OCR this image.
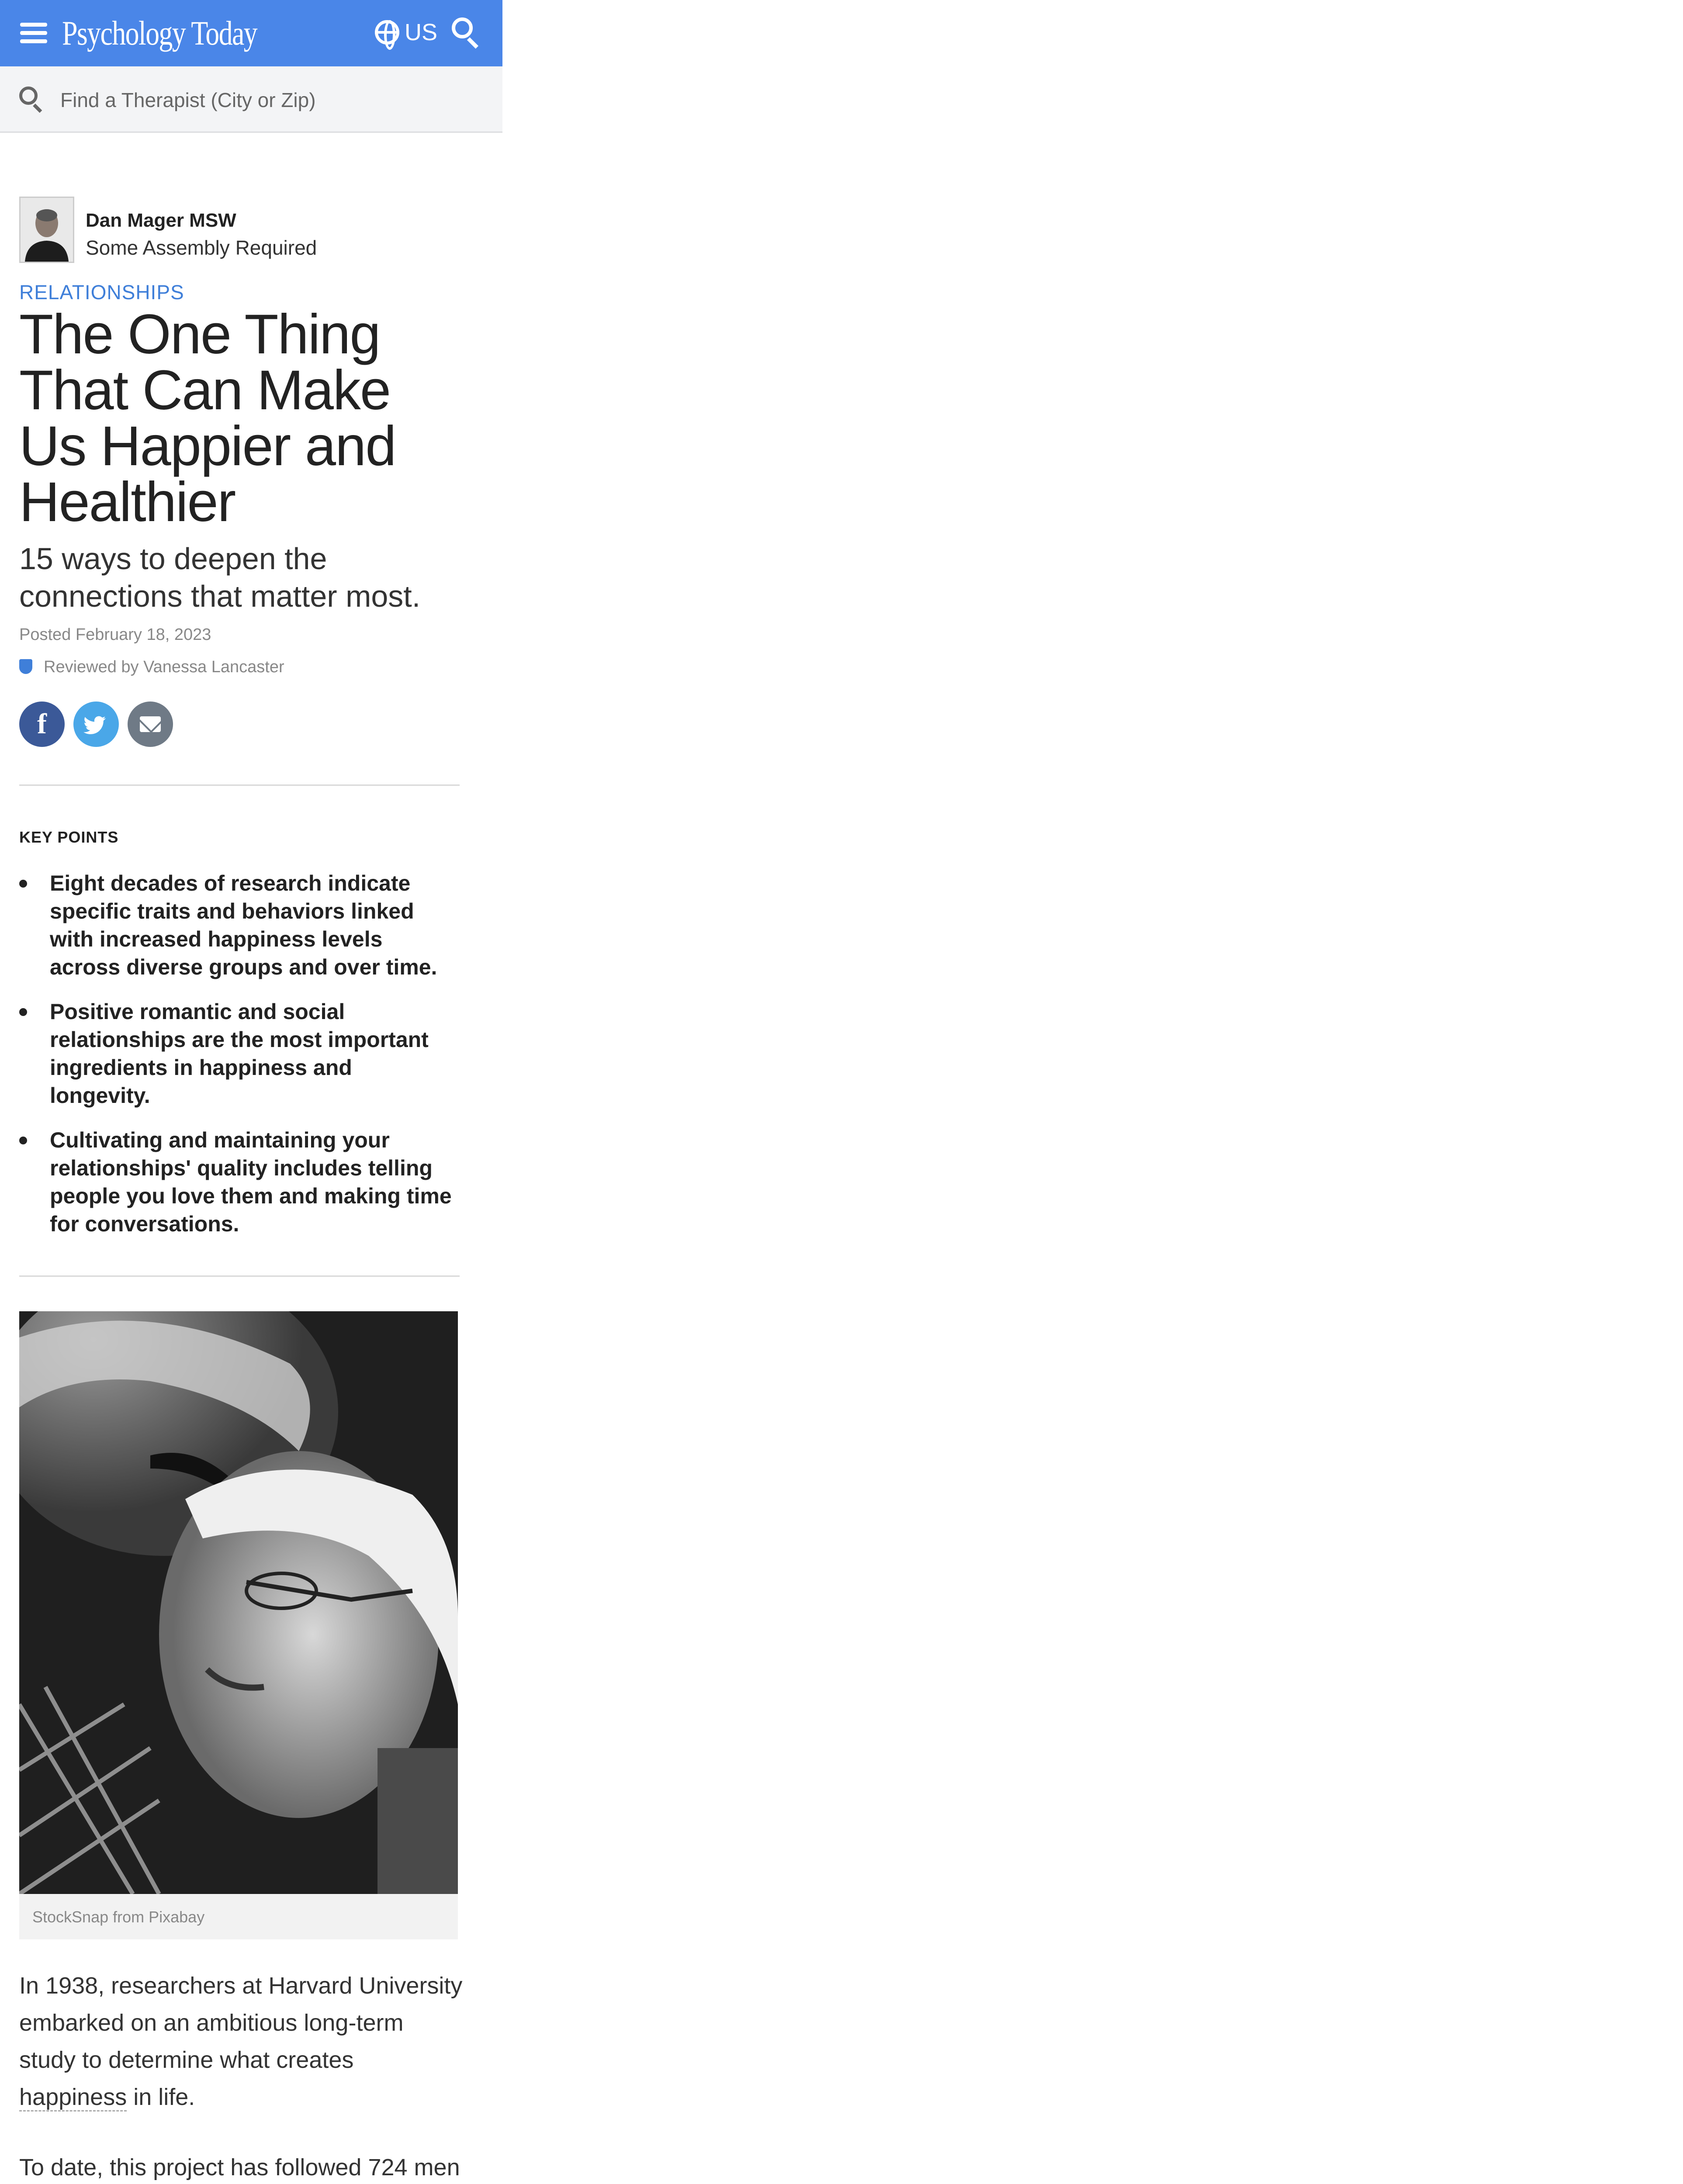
Psychology Today	US
Find a Therapist (City or Zip)
Dan Mager MSW
Some Assembly Required
RELATIONSHIPS
The One Thing That Can Make Us Happier and Healthier
15 ways to deepen the connections that matter most.
Posted February 18, 2023
Reviewed by Vanessa Lancaster
f
KEY POINTS
Eight decades of research indicate specific traits and behaviors linked with increased happiness levels across diverse groups and over time.
Positive romantic and social relationships are the most important ingredients in happiness and longevity.
Cultivating and maintaining your relationships' quality includes telling people you love them and making time for conversations.
StockSnap from Pixabay

In 1938, researchers at Harvard University embarked on an ambitious long-term study to determine what creates happiness in life.

To date, this project has followed 724 men
